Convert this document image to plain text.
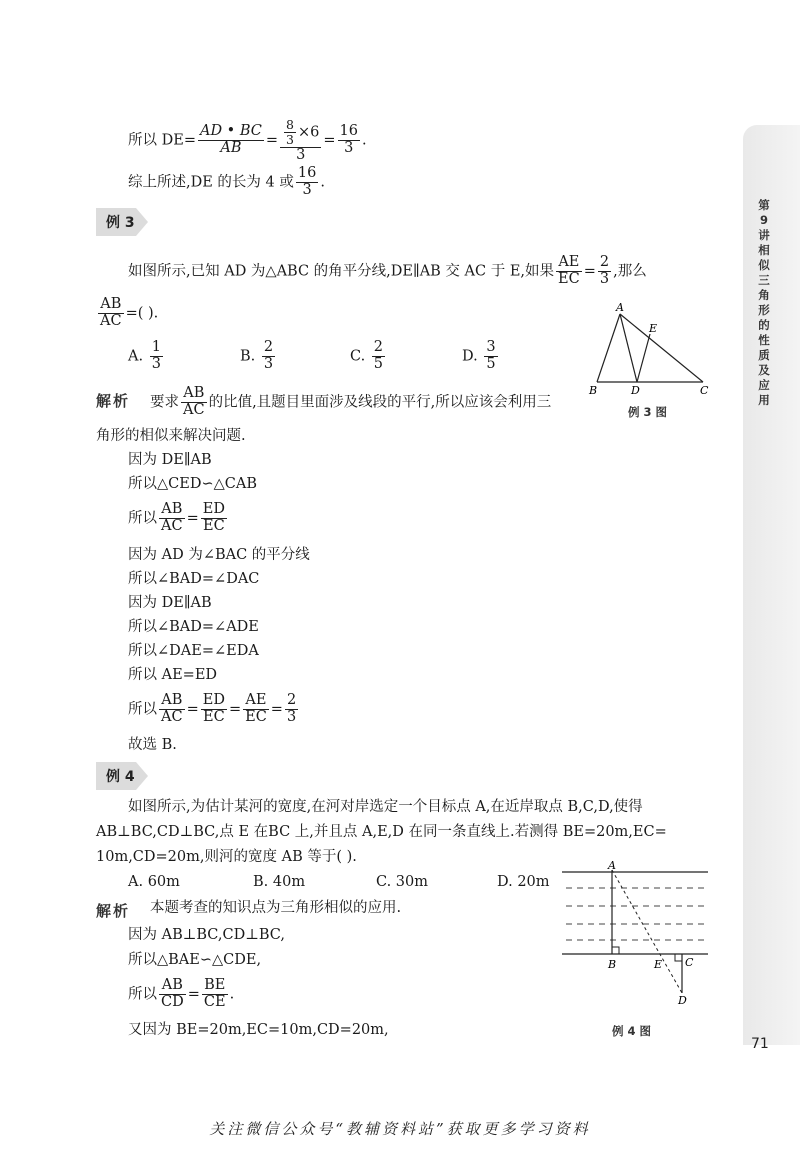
第9讲 相似三角形的性质及应用
71
所以 $DE= \frac{AD • BC}{AB} = \frac{\frac{8}{3} \times 6}{3} = \frac{16}{3}$ .
综上所述,DE 的长为 4 或 $\frac{16}{3}$ .
例 3
如图所示,已知 AD 为△ABC 的角平分线,DE∥AB 交 AC 于 E,如果 $\frac{AE}{EC} = \frac{2}{3}$ ,那么
$\frac{AB}{AC}$ =( ).
A. $\frac{1}{3}$	B. $\frac{2}{3}$	C. $\frac{2}{5}$	D. $\frac{3}{5}$
A
B	D	C
E
例 3 图
解析 要求 $\frac{AB}{AC}$ 的比值,且题目里面涉及线段的平行,所以应该会利用三
角形的相似来解决问题.
因为 DE∥AB
所以△CED∽△CAB
所以 $\frac{AB}{AC} = \frac{ED}{EC}$
因为 AD 为∠BAC 的平分线
所以∠BAD=∠DAC
因为 DE∥AB
所以∠BAD=∠ADE
所以∠DAE=∠EDA
所以 AE=ED
所以 $\frac{AB}{AC} = \frac{ED}{EC} = \frac{AE}{EC} = \frac{2}{3}$
故选 B.
例 4
如图所示,为估计某河的宽度,在河对岸选定一个目标点 A,在近岸取点 B,C,D,使得
AB⊥BC,CD⊥BC,点 E 在BC 上,并且点 A,E,D 在同一条直线上.若测得 BE=20m,EC=
10m,CD=20m,则河的宽度 AB 等于( ).
A. 60m	B. 40m	C. 30m	D. 20m
解析 本题考查的知识点为三角形相似的应用.
因为 AB⊥BC,CD⊥BC,
所以△BAE∽△CDE,
所以 $\frac{AB}{CD} = \frac{BE}{CE}$ .
又因为 BE=20m,EC=10m,CD=20m,
A
B	E C
D
例 4 图
关注微信公众号“教辅资料站”获取更多学习资料
